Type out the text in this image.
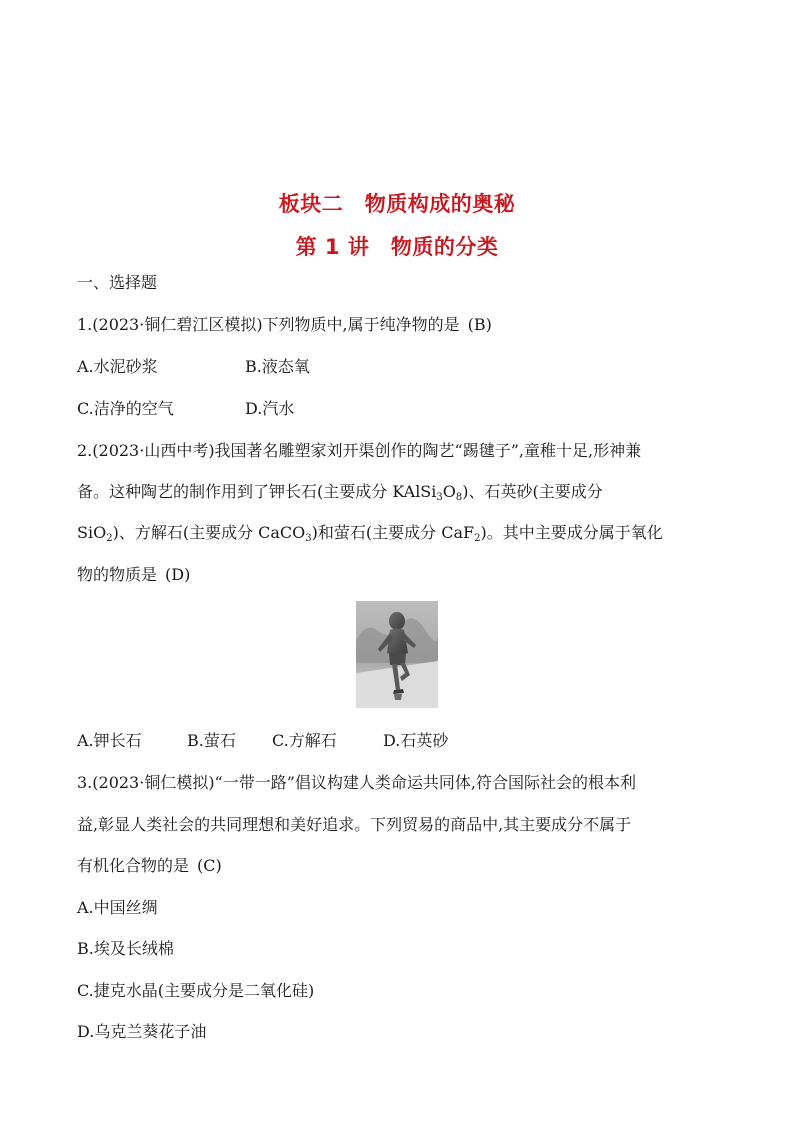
板块二　物质构成的奥秘
第 1 讲　物质的分类
一、选择题
1.(2023·铜仁碧江区模拟)下列物质中,属于纯净物的是 (B)
A.水泥砂浆	B.液态氧
C.洁净的空气	D.汽水
2.(2023·山西中考)我国著名雕塑家刘开渠创作的陶艺“踢毽子”,童稚十足,形神兼
备。这种陶艺的制作用到了钾长石(主要成分 $KAlSi_3O_8$)、石英砂(主要成分
SiO$_2$)、方解石(主要成分 CaCO$_3$)和萤石(主要成分 CaF$_2$)。其中主要成分属于氧化
物的物质是 (D)
A.钾长石	B.萤石 C.方解石	D.石英砂
3.(2023·铜仁模拟)“一带一路”倡议构建人类命运共同体,符合国际社会的根本利
益,彰显人类社会的共同理想和美好追求。下列贸易的商品中,其主要成分不属于
有机化合物的是 (C)
A.中国丝绸
B.埃及长绒棉
C.捷克水晶(主要成分是二氧化硅)
D.乌克兰葵花子油
